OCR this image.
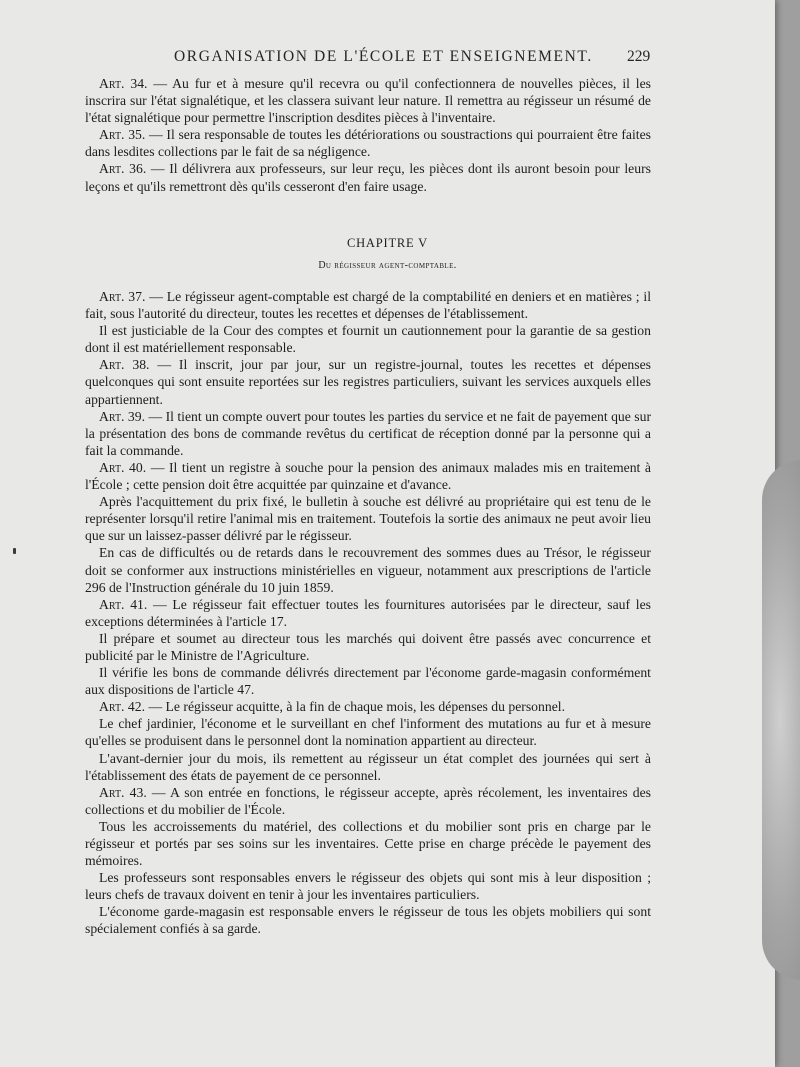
ORGANISATION DE L'ÉCOLE ET ENSEIGNEMENT. 229

Art. 34. — Au fur et à mesure qu'il recevra ou qu'il confectionnera de nouvelles pièces, il les inscrira sur l'état signalétique, et les classera suivant leur nature. Il remettra au régisseur un résumé de l'état signalétique pour permettre l'inscription desdites pièces à l'inventaire.

Art. 35. — Il sera responsable de toutes les détériorations ou soustractions qui pourraient être faites dans lesdites collections par le fait de sa négligence.

Art. 36. — Il délivrera aux professeurs, sur leur reçu, les pièces dont ils auront besoin pour leurs leçons et qu'ils remettront dès qu'ils cesseront d'en faire usage.

CHAPITRE V
Du régisseur agent-comptable.

Art. 37. — Le régisseur agent-comptable est chargé de la comptabilité en deniers et en matières ; il fait, sous l'autorité du directeur, toutes les recettes et dépenses de l'établissement.

Il est justiciable de la Cour des comptes et fournit un cautionnement pour la garantie de sa gestion dont il est matériellement responsable.

Art. 38. — Il inscrit, jour par jour, sur un registre-journal, toutes les recettes et dépenses quelconques qui sont ensuite reportées sur les registres particuliers, suivant les services auxquels elles appartiennent.

Art. 39. — Il tient un compte ouvert pour toutes les parties du service et ne fait de payement que sur la présentation des bons de commande revêtus du certificat de réception donné par la personne qui a fait la commande.

Art. 40. — Il tient un registre à souche pour la pension des animaux malades mis en traitement à l'École ; cette pension doit être acquittée par quinzaine et d'avance.

Après l'acquittement du prix fixé, le bulletin à souche est délivré au propriétaire qui est tenu de le représenter lorsqu'il retire l'animal mis en traitement. Toutefois la sortie des animaux ne peut avoir lieu que sur un laissez-passer délivré par le régisseur.

En cas de difficultés ou de retards dans le recouvrement des sommes dues au Trésor, le régisseur doit se conformer aux instructions ministérielles en vigueur, notamment aux prescriptions de l'article 296 de l'Instruction générale du 10 juin 1859.

Art. 41. — Le régisseur fait effectuer toutes les fournitures autorisées par le directeur, sauf les exceptions déterminées à l'article 17.

Il prépare et soumet au directeur tous les marchés qui doivent être passés avec concurrence et publicité par le Ministre de l'Agriculture.

Il vérifie les bons de commande délivrés directement par l'économe garde-magasin conformément aux dispositions de l'article 47.

Art. 42. — Le régisseur acquitte, à la fin de chaque mois, les dépenses du personnel.

Le chef jardinier, l'économe et le surveillant en chef l'informent des mutations au fur et à mesure qu'elles se produisent dans le personnel dont la nomination appartient au directeur.

L'avant-dernier jour du mois, ils remettent au régisseur un état complet des journées qui sert à l'établissement des états de payement de ce personnel.

Art. 43. — A son entrée en fonctions, le régisseur accepte, après récolement, les inventaires des collections et du mobilier de l'École.

Tous les accroissements du matériel, des collections et du mobilier sont pris en charge par le régisseur et portés par ses soins sur les inventaires. Cette prise en charge précède le payement des mémoires.

Les professeurs sont responsables envers le régisseur des objets qui sont mis à leur disposition ; leurs chefs de travaux doivent en tenir à jour les inventaires particuliers.

L'économe garde-magasin est responsable envers le régisseur de tous les objets mobiliers qui sont spécialement confiés à sa garde.
